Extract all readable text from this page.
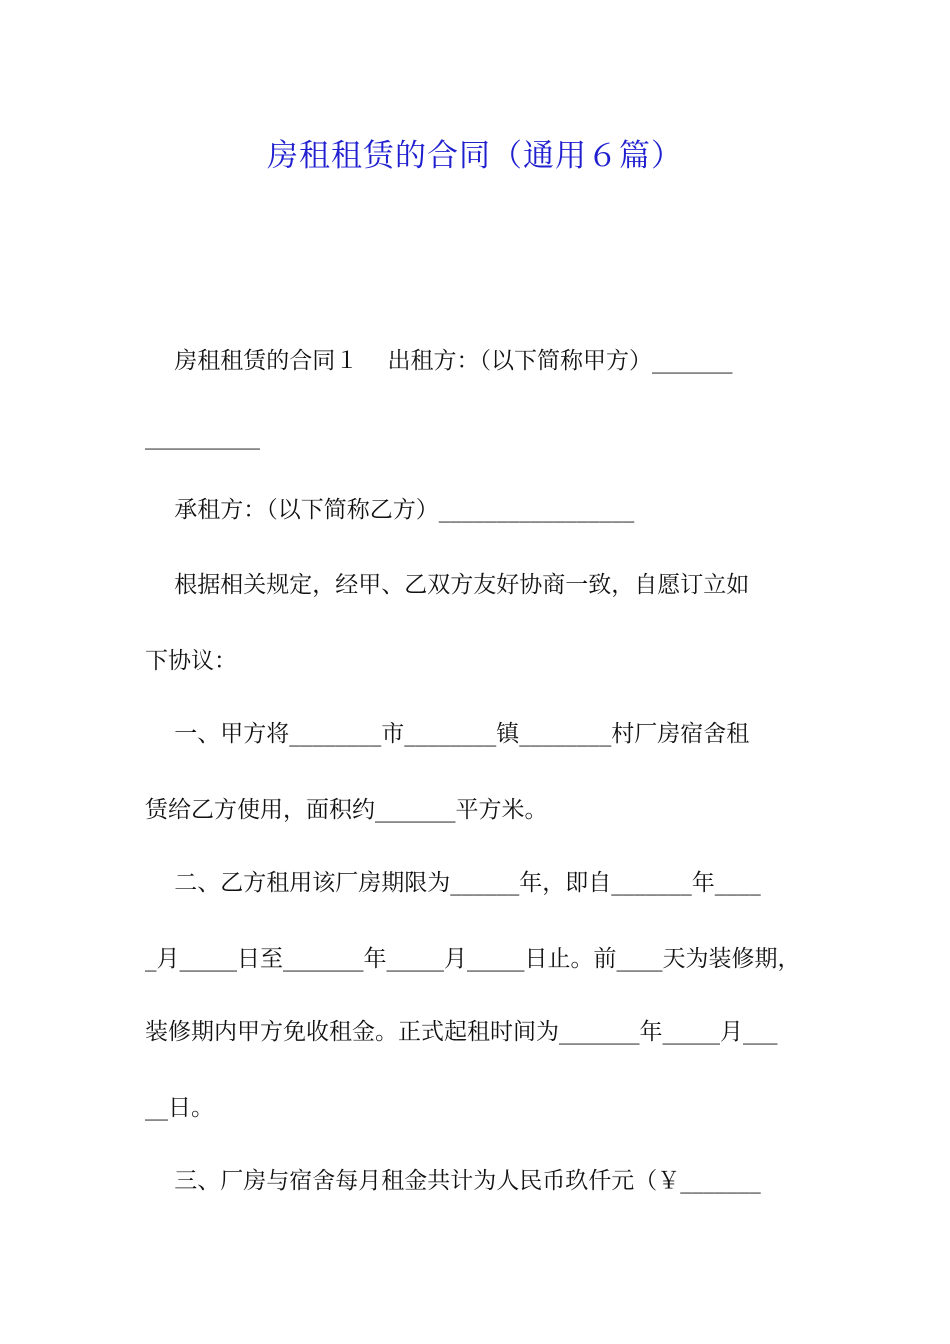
房租租赁的合同（通用６篇）

房租租赁的合同１    出租方：（以下简称甲方）_______

__________

承租方：（以下简称乙方）_________________

根据相关规定，经甲、乙双方友好协商一致，自愿订立如

下协议：

一、甲方将________市________镇________村厂房宿舍租

赁给乙方使用，面积约_______平方米。

二、乙方租用该厂房期限为______年，即自_______年____

_月_____日至_______年_____月_____日止。前____天为装修期，

装修期内甲方免收租金。正式起租时间为_______年_____月___

__日。

三、厂房与宿舍每月租金共计为人民币玖仟元（￥_______
